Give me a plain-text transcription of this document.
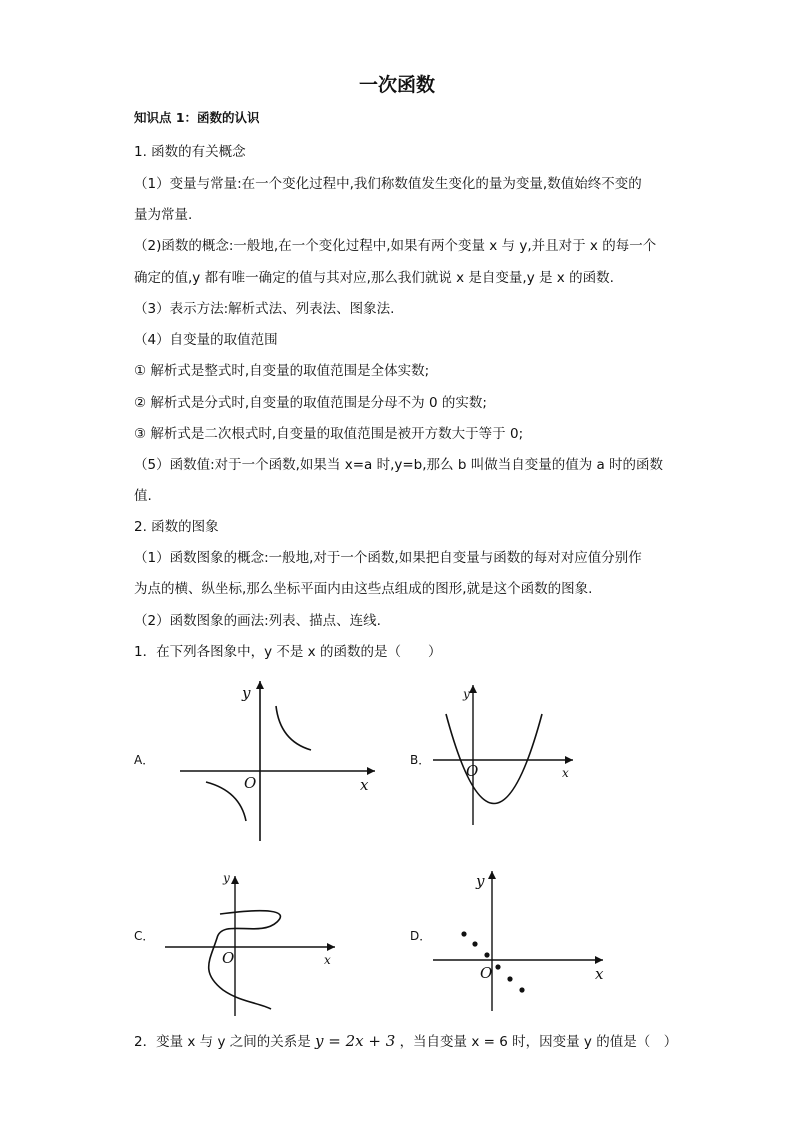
一次函数
知识点 1：函数的认识
1. 函数的有关概念
（1）变量与常量:在一个变化过程中,我们称数值发生变化的量为变量,数值始终不变的
量为常量.
（2)函数的概念:一般地,在一个变化过程中,如果有两个变量 x 与 y,并且对于 x 的每一个
确定的值,y 都有唯一确定的值与其对应,那么我们就说 x 是自变量,y 是 x 的函数.
（3）表示方法:解析式法、列表法、图象法.
（4）自变量的取值范围
① 解析式是整式时,自变量的取值范围是全体实数;
② 解析式是分式时,自变量的取值范围是分母不为 0 的实数;
③ 解析式是二次根式时,自变量的取值范围是被开方数大于等于 0;
（5）函数值:对于一个函数,如果当 x=a 时,y=b,那么 b 叫做当自变量的值为 a 时的函数
值.
2. 函数的图象
（1）函数图象的概念:一般地,对于一个函数,如果把自变量与函数的每对对应值分别作
为点的横、纵坐标,那么坐标平面内由这些点组成的图形,就是这个函数的图象.
（2）函数图象的画法:列表、描点、连线.
1．在下列各图象中，y 不是 x 的函数的是（　　）
A．
y
x
O
B．
y
x
O
C．
y
x
O
D．
y
x
O
2．变量 x 与 y 之间的关系是 y = 2x + 3 ，当自变量 x = 6 时，因变量 y 的值是（　）
